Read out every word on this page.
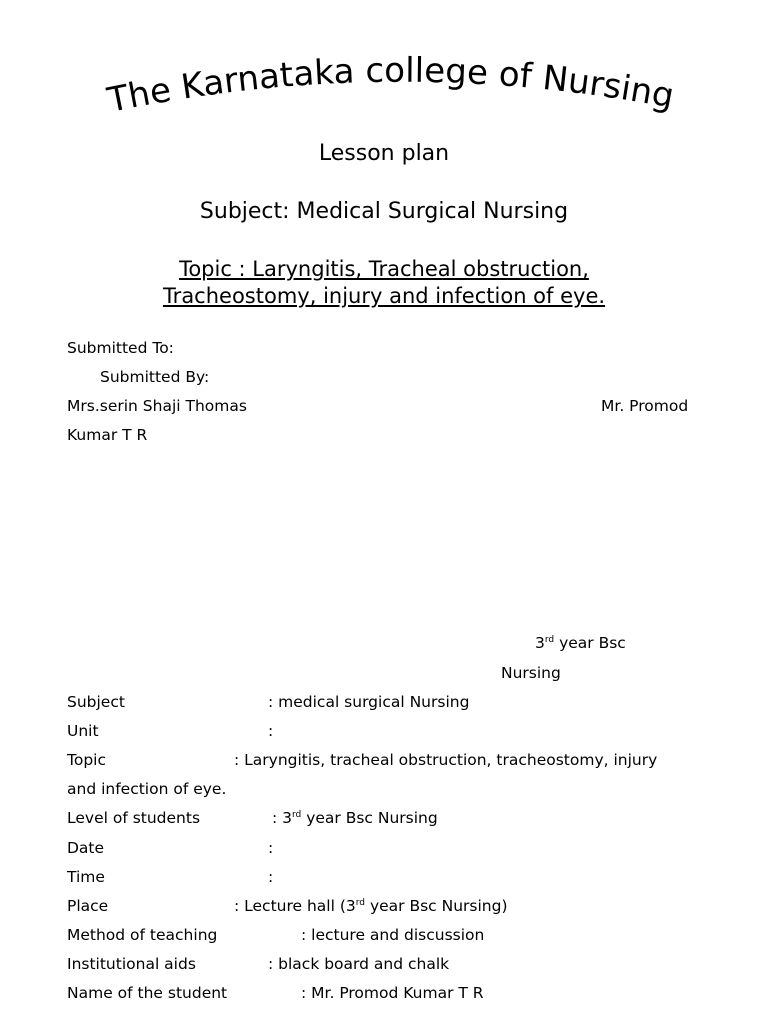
The Karnataka college of Nursing
Lesson plan
Subject: Medical Surgical Nursing
Topic : Laryngitis, Tracheal obstruction,
Tracheostomy, injury and infection of eye.
Submitted To:
Submitted By:
Mrs.serin Shaji Thomas	Mr. Promod
Kumar T R
3rd year Bsc
Nursing
Subject	: medical surgical Nursing
Unit	:
Topic	: Laryngitis, tracheal obstruction, tracheostomy, injury
and infection of eye.
Level of students	: 3rd year Bsc Nursing
Date	:
Time	:
Place	: Lecture hall (3rd year Bsc Nursing)
Method of teaching	: lecture and discussion
Institutional aids	: black board and chalk
Name of the student	: Mr. Promod Kumar T R
